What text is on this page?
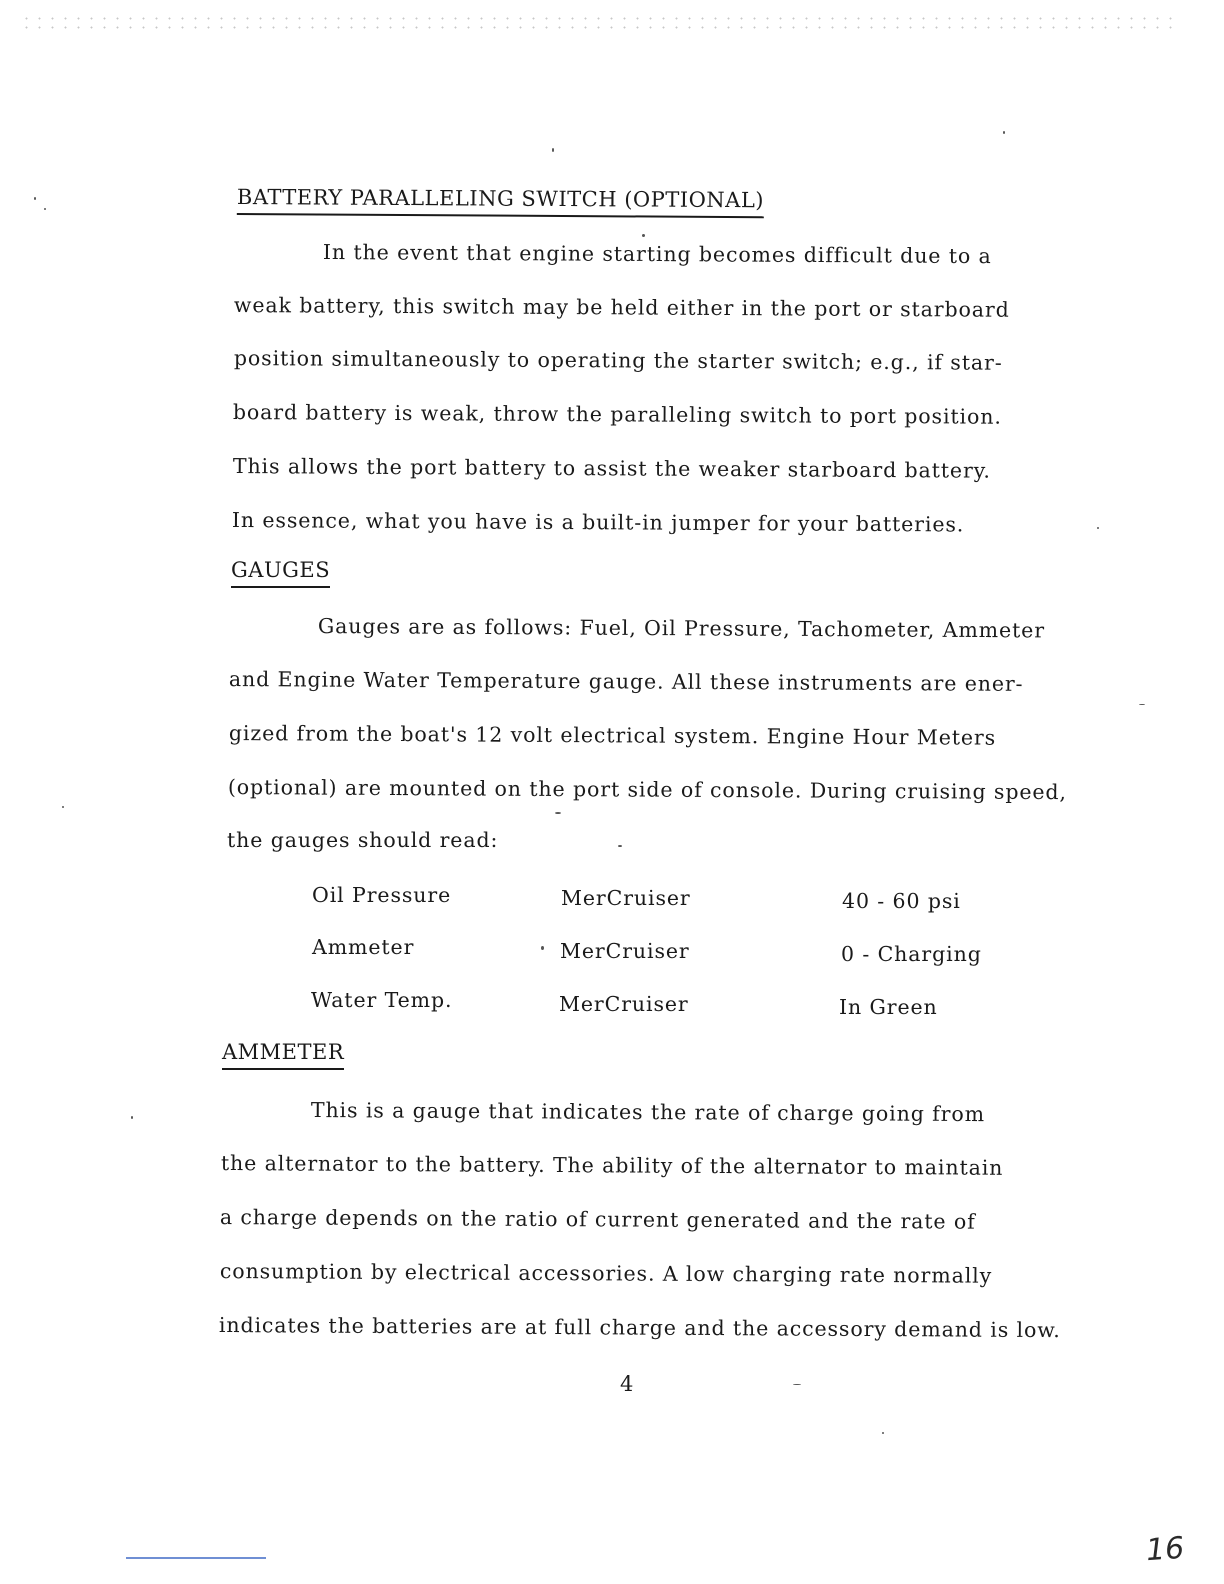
BATTERY PARALLELING SWITCH (OPTIONAL)
In the event that engine starting becomes difficult due to a
weak battery, this switch may be held either in the port or starboard
position simultaneously to operating the starter switch; e.g., if star-
board battery is weak, throw the paralleling switch to port position.
This allows the port battery to assist the weaker starboard battery.
In essence, what you have is a built-in jumper for your batteries.
GAUGES
Gauges are as follows: Fuel, Oil Pressure, Tachometer, Ammeter
and Engine Water Temperature gauge. All these instruments are ener-
gized from the boat's 12 volt electrical system. Engine Hour Meters
(optional) are mounted on the port side of console. During cruising speed,
the gauges should read:
Oil Pressure	MerCruiser	40 - 60 psi
Ammeter	MerCruiser	0 - Charging
Water Temp.	MerCruiser	In Green
AMMETER
This is a gauge that indicates the rate of charge going from
the alternator to the battery. The ability of the alternator to maintain
a charge depends on the ratio of current generated and the rate of
consumption by electrical accessories. A low charging rate normally
indicates the batteries are at full charge and the accessory demand is low.
4
16
